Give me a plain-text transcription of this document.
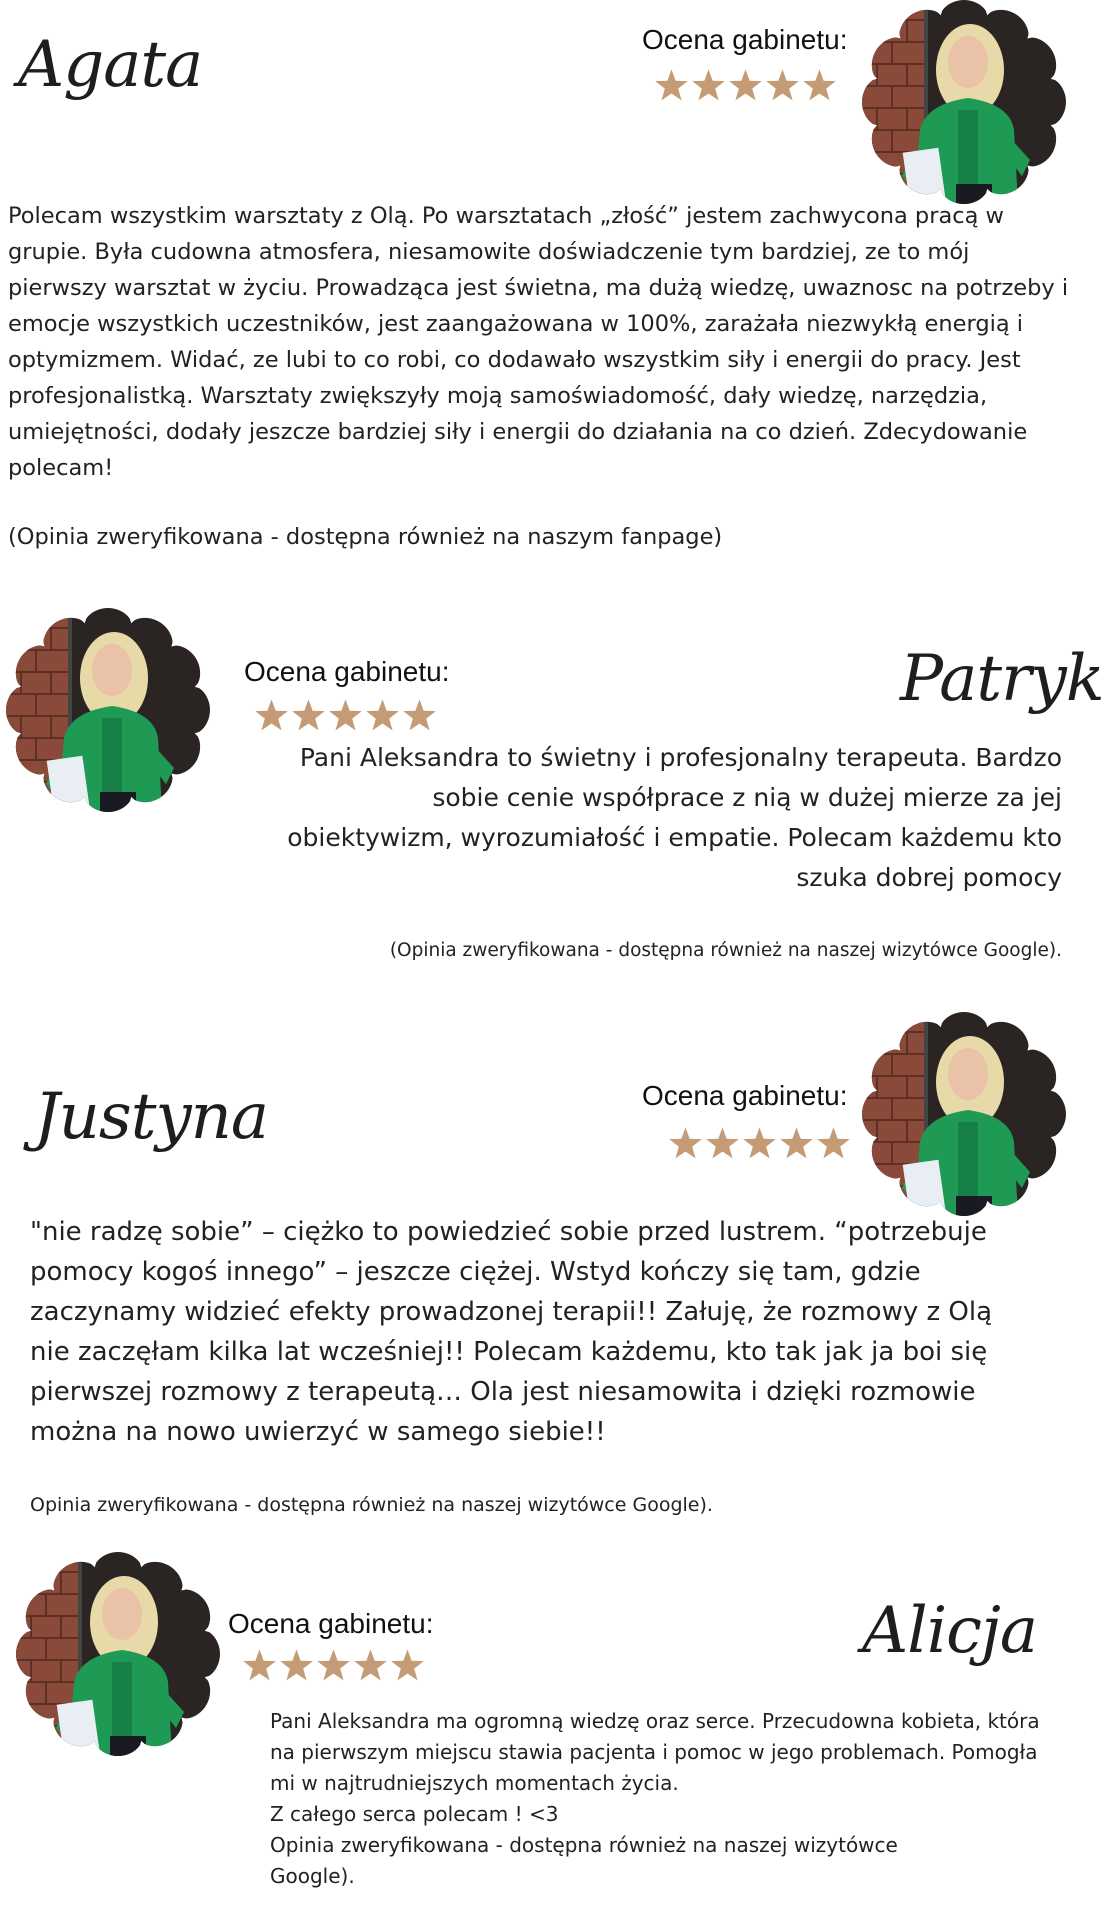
Agata	Ocena gabinetu:

Polecam wszystkim warsztaty z Olą. Po warsztatach „złość” jestem zachwycona pracą w grupie. Była cudowna atmosfera, niesamowite doświadczenie tym bardziej, ze to mój pierwszy warsztat w życiu. Prowadząca jest świetna, ma dużą wiedzę, uwaznosc na potrzeby i emocje wszystkich uczestników, jest zaangażowana w 100%, zarażała niezwykłą energią i optymizmem. Widać, ze lubi to co robi, co dodawało wszystkim siły i energii do pracy. Jest profesjonalistką. Warsztaty zwiększyły moją samoświadomość, dały wiedzę, narzędzia, umiejętności, dodały jeszcze bardziej siły i energii do działania na co dzień. Zdecydowanie polecam!

(Opinia zweryfikowana - dostępna również na naszym fanpage)
Ocena gabinetu:	Patryk

Pani Aleksandra to świetny i profesjonalny terapeuta. Bardzo sobie cenie współprace z nią w dużej mierze za jej obiektywizm, wyrozumiałość i empatie. Polecam każdemu kto szuka dobrej pomocy

(Opinia zweryfikowana - dostępna również na naszej wizytówce Google).
Justyna	Ocena gabinetu:

"nie radzę sobie” – ciężko to powiedzieć sobie przed lustrem. “potrzebuje pomocy kogoś innego” – jeszcze ciężej. Wstyd kończy się tam, gdzie zaczynamy widzieć efekty prowadzonej terapii!! Załuję, że rozmowy z Olą nie zaczęłam kilka lat wcześniej!! Polecam każdemu, kto tak jak ja boi się pierwszej rozmowy z terapeutą… Ola jest niesamowita i dzięki rozmowie można na nowo uwierzyć w samego siebie!!

Opinia zweryfikowana - dostępna również na naszej wizytówce Google).
Ocena gabinetu:	Alicja

Pani Aleksandra ma ogromną wiedzę oraz serce. Przecudowna kobieta, która na pierwszym miejscu stawia pacjenta i pomoc w jego problemach. Pomogła mi w najtrudniejszych momentach życia.

Z całego serca polecam ! <3

Opinia zweryfikowana - dostępna również na naszej wizytówce Google).
